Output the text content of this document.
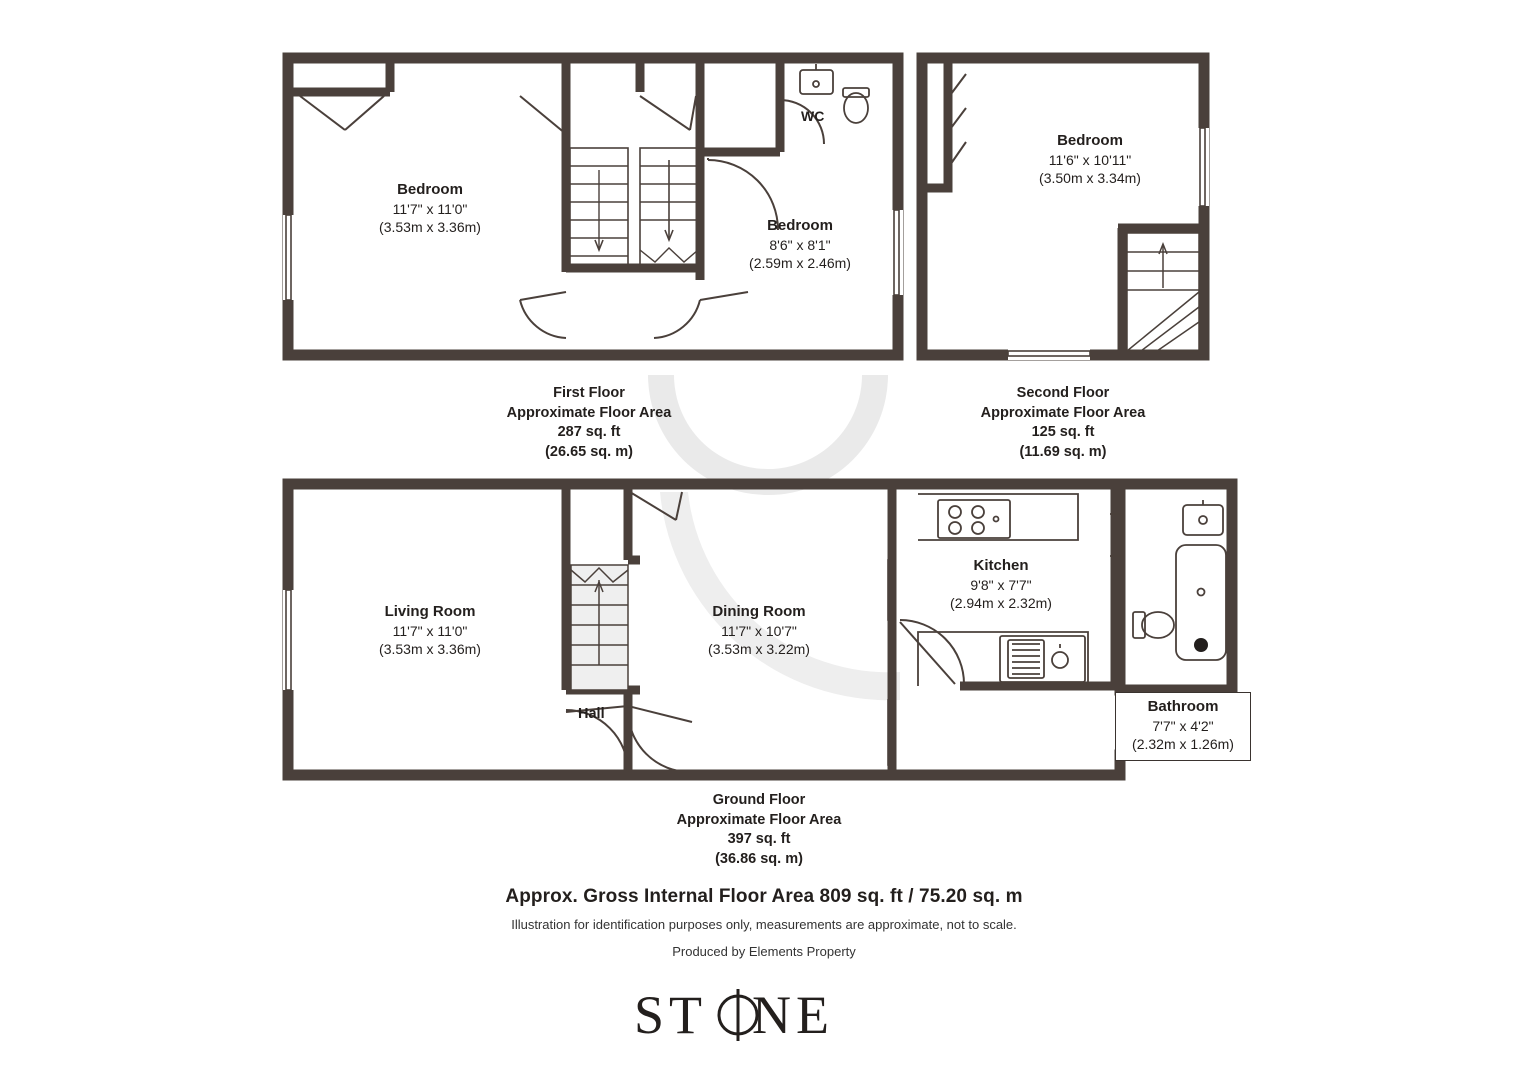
Bedroom
11'7" x 11'0"
(3.53m x 3.36m)	Bedroom
8'6" x 8'1"
(2.59m x 2.46m)
WC
First Floor
Approximate Floor Area
287 sq. ft
(26.65 sq. m)
Bedroom
11'6" x 10'11"
(3.50m x 3.34m)
Second Floor
Approximate Floor Area
125 sq. ft
(11.69 sq. m)
Living Room
11'7" x 11'0"
(3.53m x 3.36m)
Dining Room
11'7" x 10'7"
(3.53m x 3.22m)
Kitchen
9'8" x 7'7"
(2.94m x 2.32m)
Hall	Bathroom
7'7" x 4'2"
(2.32m x 1.26m)
Ground Floor
Approximate Floor Area
397 sq. ft
(36.86 sq. m)
Approx. Gross Internal Floor Area 809 sq. ft / 75.20 sq. m
Illustration for identification purposes only, measurements are approximate, not to scale.
Produced by Elements Property
ST NE
